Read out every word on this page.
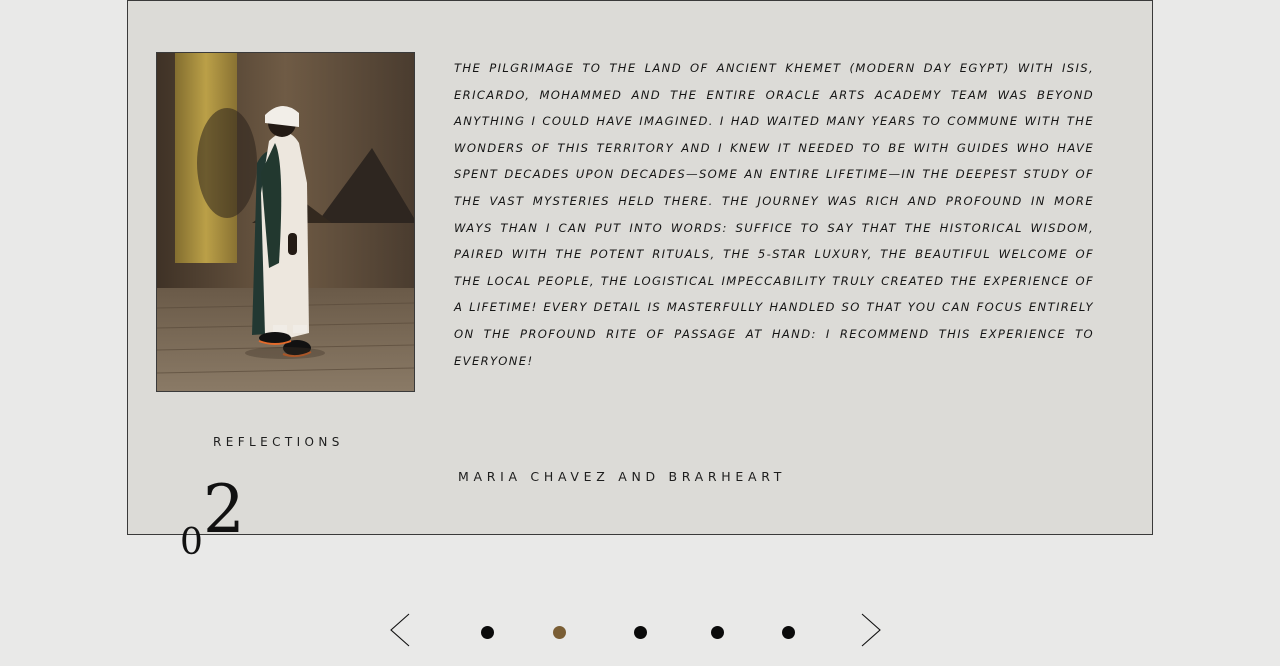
THE PILGRIMAGE TO THE LAND OF ANCIENT KHEMET (MODERN DAY EGYPT) WITH ISIS, ERICARDO, MOHAMMED AND THE ENTIRE ORACLE ARTS ACADEMY TEAM WAS BEYOND ANYTHING I COULD HAVE IMAGINED. I HAD WAITED MANY YEARS TO COMMUNE WITH THE WONDERS OF THIS TERRITORY AND I KNEW IT NEEDED TO BE WITH GUIDES WHO HAVE SPENT DECADES UPON DECADES—SOME AN ENTIRE LIFETIME—IN THE DEEPEST STUDY OF THE VAST MYSTERIES HELD THERE. THE JOURNEY WAS RICH AND PROFOUND IN MORE WAYS THAN I CAN PUT INTO WORDS: SUFFICE TO SAY THAT THE HISTORICAL WISDOM, PAIRED WITH THE POTENT RITUALS, THE 5-STAR LUXURY, THE BEAUTIFUL WELCOME OF THE LOCAL PEOPLE, THE LOGISTICAL IMPECCABILITY TRULY CREATED THE EXPERIENCE OF A LIFETIME! EVERY DETAIL IS MASTERFULLY HANDLED SO THAT YOU CAN FOCUS ENTIRELY ON THE PROFOUND RITE OF PASSAGE AT HAND: I RECOMMEND THIS EXPERIENCE TO EVERYONE!

REFLECTIONS
MARIA CHAVEZ AND BRARHEART
02
